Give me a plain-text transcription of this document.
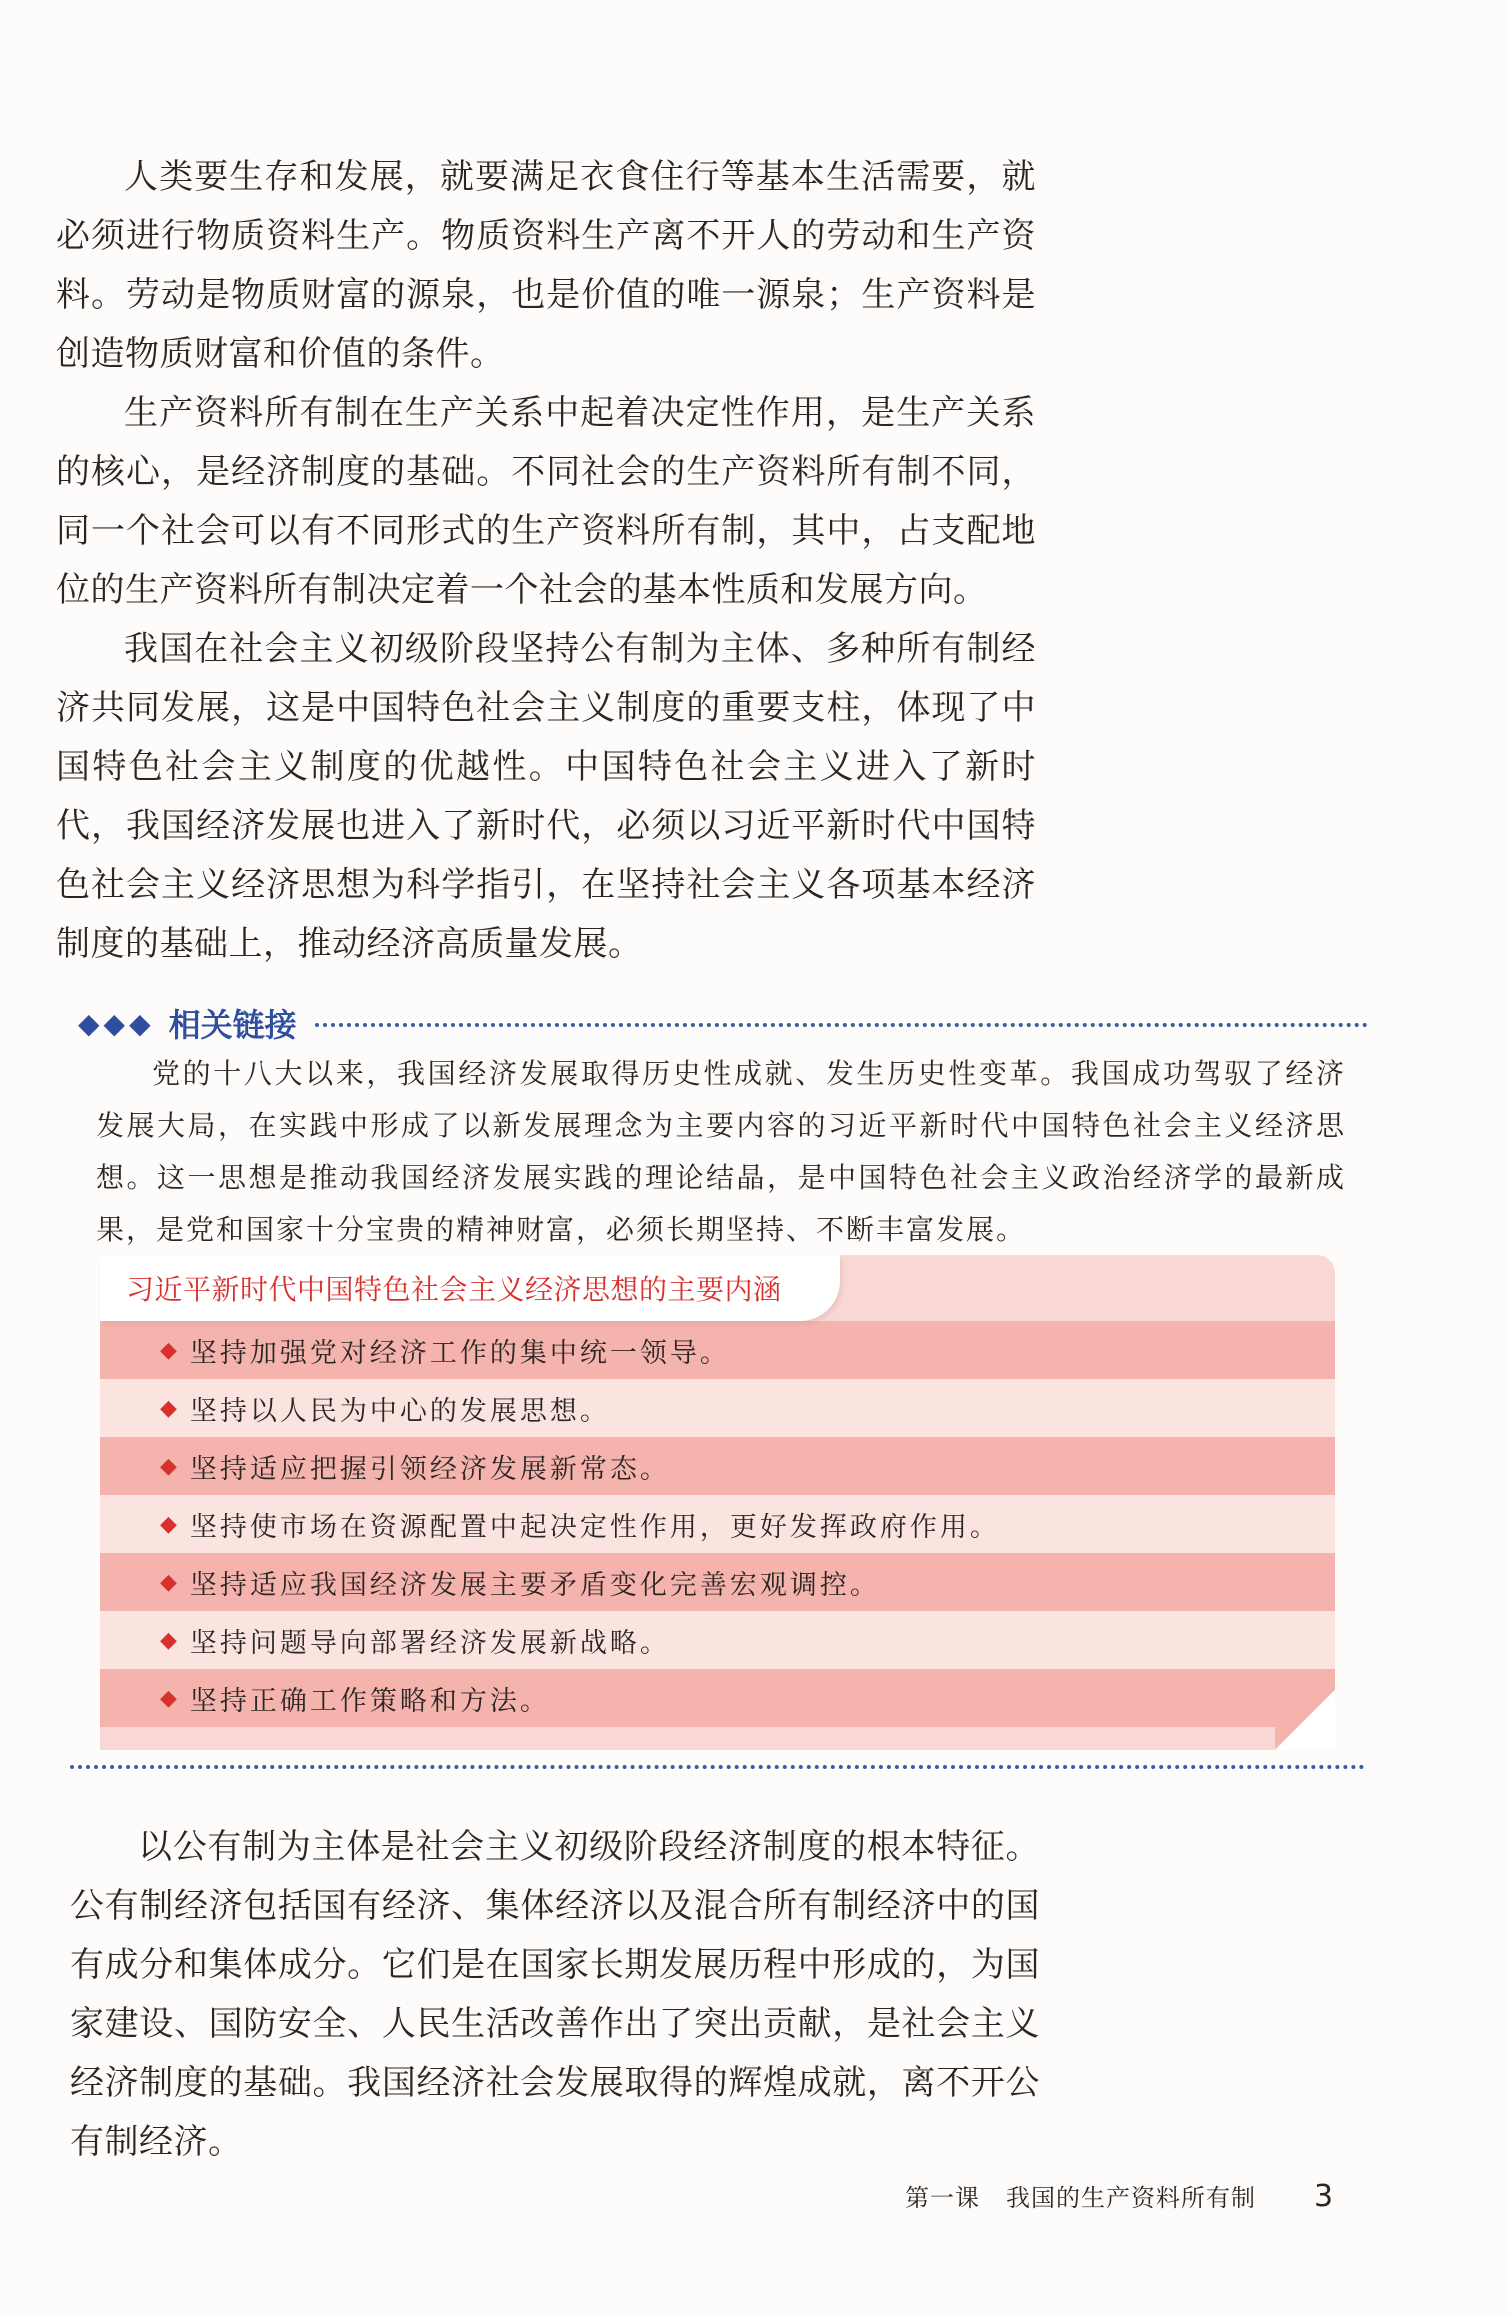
人类要生存和发展，就要满足衣食住行等基本生活需要，就必须进行物质资料生产。物质资料生产离不开人的劳动和生产资料。劳动是物质财富的源泉，也是价值的唯一源泉；生产资料是创造物质财富和价值的条件。

生产资料所有制在生产关系中起着决定性作用，是生产关系的核心，是经济制度的基础。不同社会的生产资料所有制不同，同一个社会可以有不同形式的生产资料所有制，其中，占支配地位的生产资料所有制决定着一个社会的基本性质和发展方向。

我国在社会主义初级阶段坚持公有制为主体、多种所有制经济共同发展，这是中国特色社会主义制度的重要支柱，体现了中国特色社会主义制度的优越性。中国特色社会主义进入了新时代，我国经济发展也进入了新时代，必须以习近平新时代中国特色社会主义经济思想为科学指引，在坚持社会主义各项基本经济制度的基础上，推动经济高质量发展。

◆◆◆ 相关链接

党的十八大以来，我国经济发展取得历史性成就、发生历史性变革。我国成功驾驭了经济发展大局，在实践中形成了以新发展理念为主要内容的习近平新时代中国特色社会主义经济思想。这一思想是推动我国经济发展实践的理论结晶，是中国特色社会主义政治经济学的最新成果，是党和国家十分宝贵的精神财富，必须长期坚持、不断丰富发展。

习近平新时代中国特色社会主义经济思想的主要内涵
◆ 坚持加强党对经济工作的集中统一领导。
◆ 坚持以人民为中心的发展思想。
◆ 坚持适应把握引领经济发展新常态。
◆ 坚持使市场在资源配置中起决定性作用，更好发挥政府作用。
◆ 坚持适应我国经济发展主要矛盾变化完善宏观调控。
◆ 坚持问题导向部署经济发展新战略。
◆ 坚持正确工作策略和方法。

以公有制为主体是社会主义初级阶段经济制度的根本特征。公有制经济包括国有经济、集体经济以及混合所有制经济中的国有成分和集体成分。它们是在国家长期发展历程中形成的，为国家建设、国防安全、人民生活改善作出了突出贡献，是社会主义经济制度的基础。我国经济社会发展取得的辉煌成就，离不开公有制经济。

第一课 我国的生产资料所有制 3
